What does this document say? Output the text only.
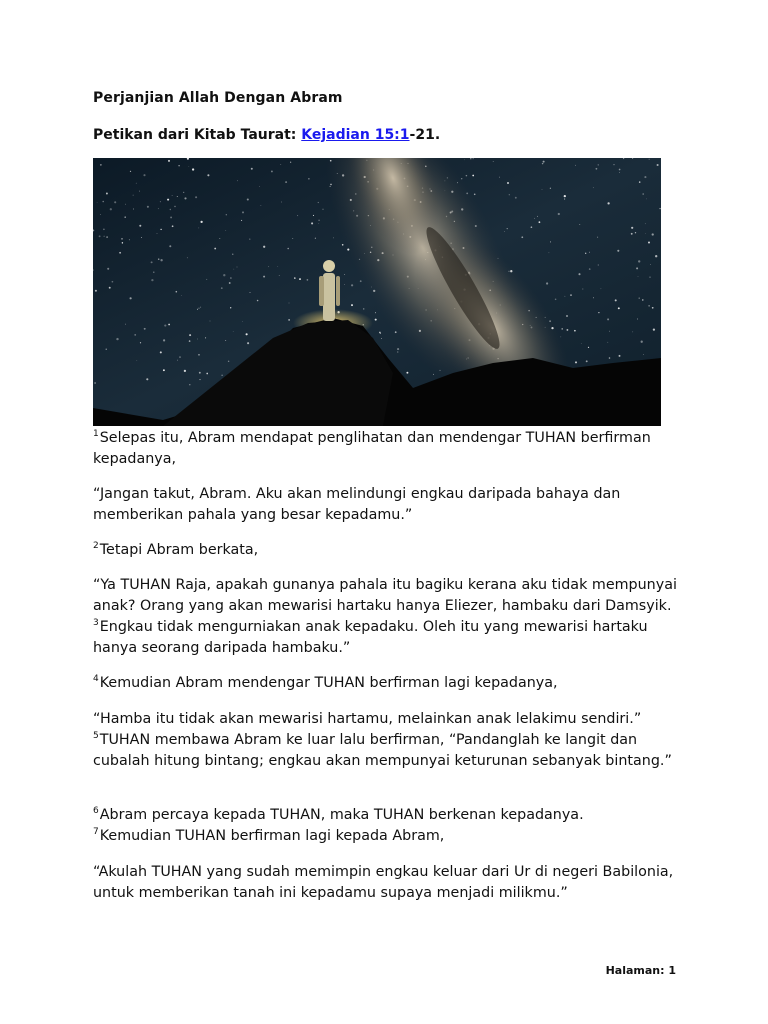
Perjanjian Allah Dengan Abram
Petikan dari Kitab Taurat: Kejadian 15:1-21.
$^1$Selepas itu, Abram mendapat penglihatan dan mendengar TUHAN berfirman kepadanya,
“Jangan takut, Abram. Aku akan melindungi engkau daripada bahaya dan memberikan pahala yang besar kepadamu.”
$^2$Tetapi Abram berkata,
“Ya TUHAN Raja, apakah gunanya pahala itu bagiku kerana aku tidak mempunyai anak? Orang yang akan mewarisi hartaku hanya Eliezer, hambaku dari Damsyik. $^3$Engkau tidak mengurniakan anak kepadaku. Oleh itu yang mewarisi hartaku hanya seorang daripada hambaku.”
$^4$Kemudian Abram mendengar TUHAN berfirman lagi kepadanya,
“Hamba itu tidak akan mewarisi hartamu, melainkan anak lelakimu sendiri.”
$^5$TUHAN membawa Abram ke luar lalu berfirman, “Pandanglah ke langit dan cubalah hitung bintang; engkau akan mempunyai keturunan sebanyak bintang.”
$^6$Abram percaya kepada TUHAN, maka TUHAN berkenan kepadanya.
$^7$Kemudian TUHAN berfirman lagi kepada Abram,
“Akulah TUHAN yang sudah memimpin engkau keluar dari Ur di negeri Babilonia, untuk memberikan tanah ini kepadamu supaya menjadi milikmu.”
Halaman: 1
